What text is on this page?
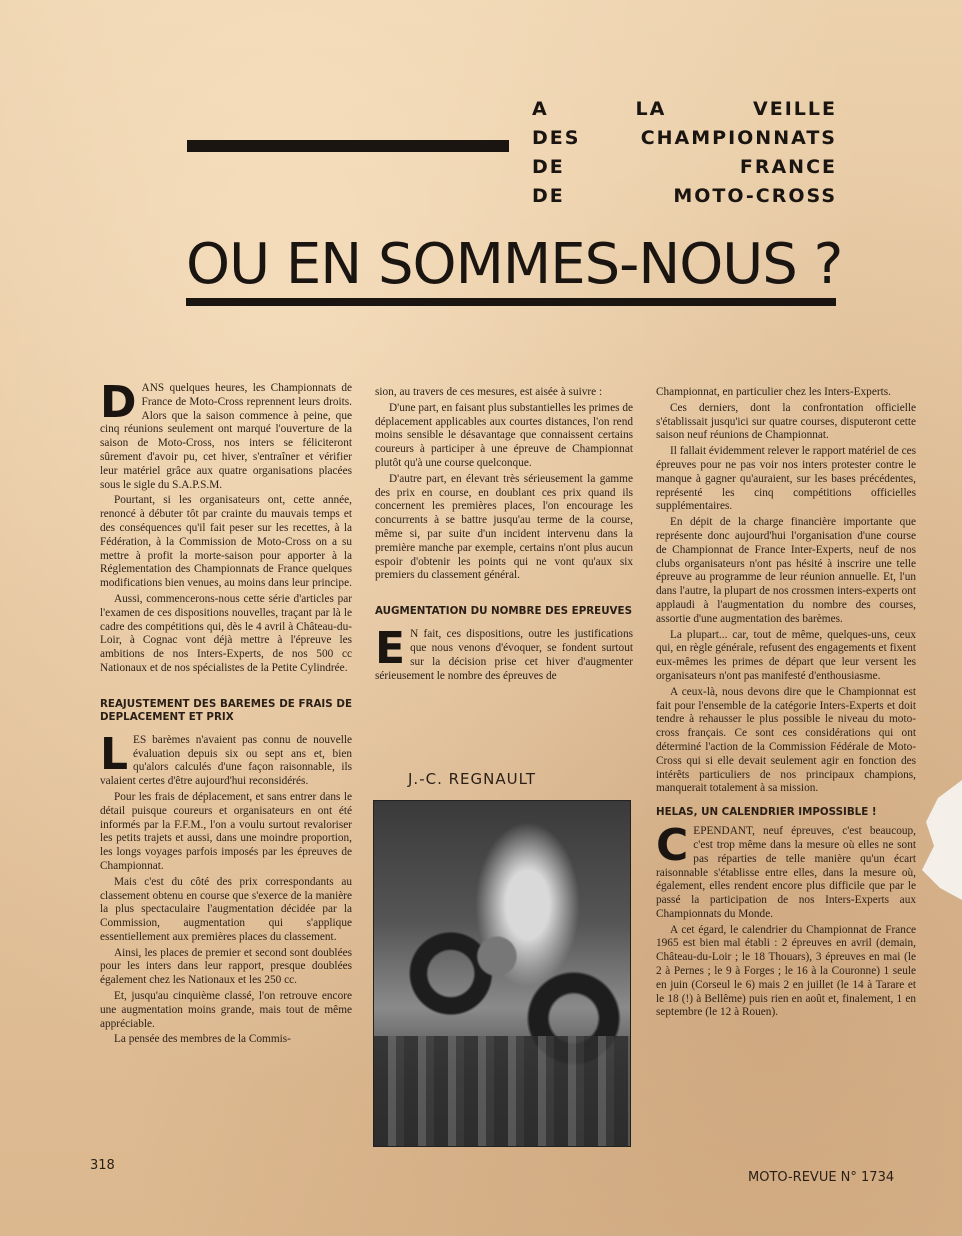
A LA VEILLE
DES CHAMPIONNATS
DE FRANCE
DE MOTO-CROSS
OU EN SOMMES-NOUS ?

DANS quelques heures, les Championnats de France de Moto-Cross reprennent leurs droits. Alors que la saison commence à peine, que cinq réunions seulement ont marqué l'ouverture de la saison de Moto-Cross, nos inters se féliciteront sûrement d'avoir pu, cet hiver, s'entraîner et vérifier leur matériel grâce aux quatre organisations placées sous le sigle du S.A.P.S.M.

Pourtant, si les organisateurs ont, cette année, renoncé à débuter tôt par crainte du mauvais temps et des conséquences qu'il fait peser sur les recettes, à la Fédération, à la Commission de Moto-Cross on a su mettre à profit la morte-saison pour apporter à la Réglementation des Championnats de France quelques modifications bien venues, au moins dans leur principe.

Aussi, commencerons-nous cette série d'articles par l'examen de ces dispositions nouvelles, traçant par là le cadre des compétitions qui, dès le 4 avril à Château-du-Loir, à Cognac vont déjà mettre à l'épreuve les ambitions de nos Inters-Experts, de nos 500 cc Nationaux et de nos spécialistes de la Petite Cylindrée.

REAJUSTEMENT DES BAREMES DE FRAIS DE DEPLACEMENT ET PRIX

LES barèmes n'avaient pas connu de nouvelle évaluation depuis six ou sept ans et, bien qu'alors calculés d'une façon raisonnable, ils valaient certes d'être aujourd'hui reconsidérés.

Pour les frais de déplacement, et sans entrer dans le détail puisque coureurs et organisateurs en ont été informés par la F.F.M., l'on a voulu surtout revaloriser les petits trajets et aussi, dans une moindre proportion, les longs voyages parfois imposés par les épreuves de Championnat.

Mais c'est du côté des prix correspondants au classement obtenu en course que s'exerce de la manière la plus spectaculaire l'augmentation décidée par la Commission, augmentation qui s'applique essentiellement aux premières places du classement.

Ainsi, les places de premier et second sont doublées pour les inters dans leur rapport, presque doublées également chez les Nationaux et les 250 cc.

Et, jusqu'au cinquième classé, l'on retrouve encore une augmentation moins grande, mais tout de même appréciable.

La pensée des membres de la Commis-

sion, au travers de ces mesures, est aisée à suivre :

D'une part, en faisant plus substantielles les primes de déplacement applicables aux courtes distances, l'on rend moins sensible le désavantage que connaissent certains coureurs à participer à une épreuve de Championnat plutôt qu'à une course quelconque.

D'autre part, en élevant très sérieusement la gamme des prix en course, en doublant ces prix quand ils concernent les premières places, l'on encourage les concurrents à se battre jusqu'au terme de la course, même si, par suite d'un incident intervenu dans la première manche par exemple, certains n'ont plus aucun espoir d'obtenir les points qui ne vont qu'aux six premiers du classement général.

AUGMENTATION DU NOMBRE DES EPREUVES

E N fait, ces dispositions, outre les justifications que nous venons d'évoquer, se fondent surtout sur la décision prise cet hiver d'augmenter sérieusement le nombre des épreuves de

J.-C. REGNAULT

Championnat, en particulier chez les Inters-Experts.

Ces derniers, dont la confrontation officielle s'établissait jusqu'ici sur quatre courses, disputeront cette saison neuf réunions de Championnat.

Il fallait évidemment relever le rapport matériel de ces épreuves pour ne pas voir nos inters protester contre le manque à gagner qu'auraient, sur les bases précédentes, représenté les cinq compétitions officielles supplémentaires.

En dépit de la charge financière importante que représente donc aujourd'hui l'organisation d'une course de Championnat de France Inter-Experts, neuf de nos clubs organisateurs n'ont pas hésité à inscrire une telle épreuve au programme de leur réunion annuelle. Et, l'un dans l'autre, la plupart de nos crossmen inters-experts ont applaudi à l'augmentation du nombre des courses, assortie d'une augmentation des barèmes.

La plupart... car, tout de même, quelques-uns, ceux qui, en règle générale, refusent des engagements et fixent eux-mêmes les primes de départ que leur versent les organisateurs n'ont pas manifesté d'enthousiasme.

A ceux-là, nous devons dire que le Championnat est fait pour l'ensemble de la catégorie Inters-Experts et doit tendre à rehausser le plus possible le niveau du moto-cross français. Ce sont ces considérations qui ont déterminé l'action de la Commission Fédérale de Moto-Cross qui si elle devait seulement agir en fonction des intérêts particuliers de nos principaux champions, manquerait totalement à sa mission.

HELAS, UN CALENDRIER IMPOSSIBLE !

CEPENDANT, neuf épreuves, c'est beaucoup, c'est trop même dans la mesure où elles ne sont pas réparties de telle manière qu'un écart raisonnable s'établisse entre elles, dans la mesure où, également, elles rendent encore plus difficile que par le passé la participation de nos Inters-Experts aux Championnats du Monde.

A cet égard, le calendrier du Championnat de France 1965 est bien mal établi : 2 épreuves en avril (demain, Château-du-Loir ; le 18 Thouars), 3 épreuves en mai (le 2 à Pernes ; le 9 à Forges ; le 16 à la Couronne) 1 seule en juin (Corseul le 6) mais 2 en juillet (le 14 à Tarare et le 18 (!) à Bellême) puis rien en août et, finalement, 1 en septembre (le 12 à Rouen).

318
MOTO-REVUE N° 1734
